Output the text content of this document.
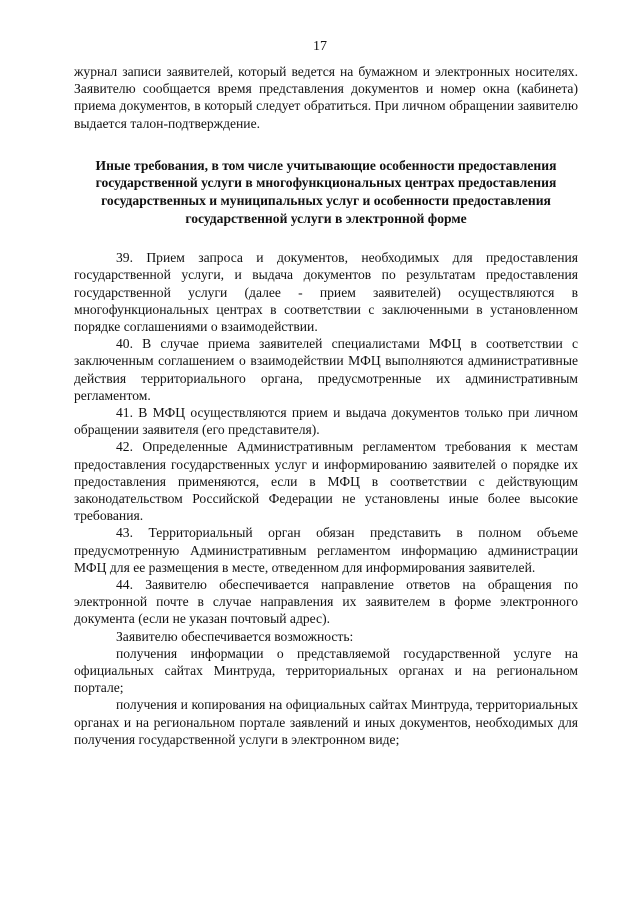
17

журнал записи заявителей, который ведется на бумажном и электронных носителях. Заявителю сообщается время представления документов и номер окна (кабинета) приема документов, в который следует обратиться. При личном обращении заявителю выдается талон-подтверждение.

Иные требования, в том числе учитывающие особенности предоставления государственной услуги в многофункциональных центрах предоставления государственных и муниципальных услуг и особенности предоставления государственной услуги в электронной форме

39. Прием запроса и документов, необходимых для предоставления государственной услуги, и выдача документов по результатам предоставления государственной услуги (далее - прием заявителей) осуществляются в многофункциональных центрах в соответствии с заключенными в установленном порядке соглашениями о взаимодействии.

40. В случае приема заявителей специалистами МФЦ в соответствии с заключенным соглашением о взаимодействии МФЦ выполняются административные действия территориального органа, предусмотренные их административным регламентом.

41. В МФЦ осуществляются прием и выдача документов только при личном обращении заявителя (его представителя).

42. Определенные Административным регламентом требования к местам предоставления государственных услуг и информированию заявителей о порядке их предоставления применяются, если в МФЦ в соответствии с действующим законодательством Российской Федерации не установлены иные более высокие требования.

43. Территориальный орган обязан представить в полном объеме предусмотренную Административным регламентом информацию администрации МФЦ для ее размещения в месте, отведенном для информирования заявителей.

44. Заявителю обеспечивается направление ответов на обращения по электронной почте в случае направления их заявителем в форме электронного документа (если не указан почтовый адрес).

Заявителю обеспечивается возможность:

получения информации о представляемой государственной услуге на официальных сайтах Минтруда, территориальных органах и на региональном портале;

получения и копирования на официальных сайтах Минтруда, территориальных органах и на региональном портале заявлений и иных документов, необходимых для получения государственной услуги в электронном виде;
